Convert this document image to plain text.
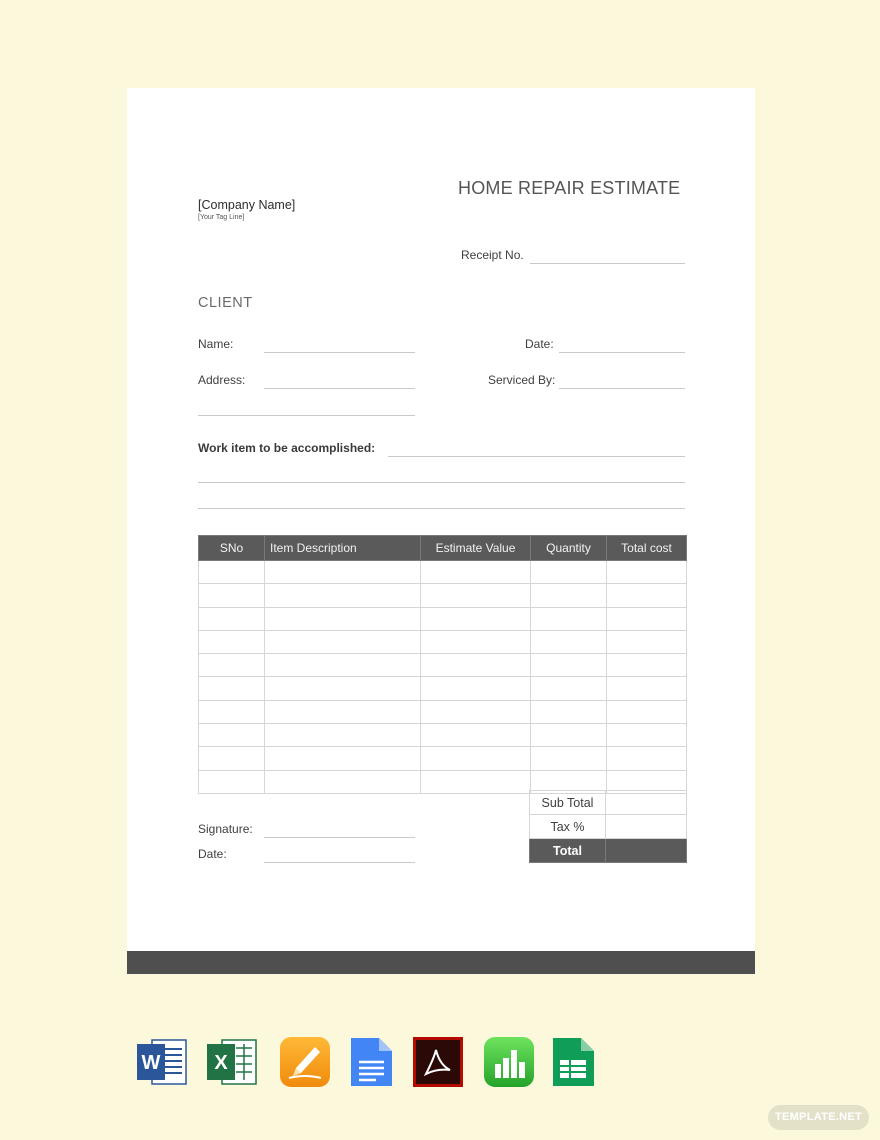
[Company Name]
[Your Tag Line]
HOME REPAIR ESTIMATE
Receipt No.
CLIENT
Name:	Date:
Address:	Serviced By:
Work item to be accomplished:
SNo	Item Description	Estimate Value	Quantity	Total cost

Sub Total	
Tax %	
Total	
Signature:
Date:
W	X
TEMPLATE.NET
